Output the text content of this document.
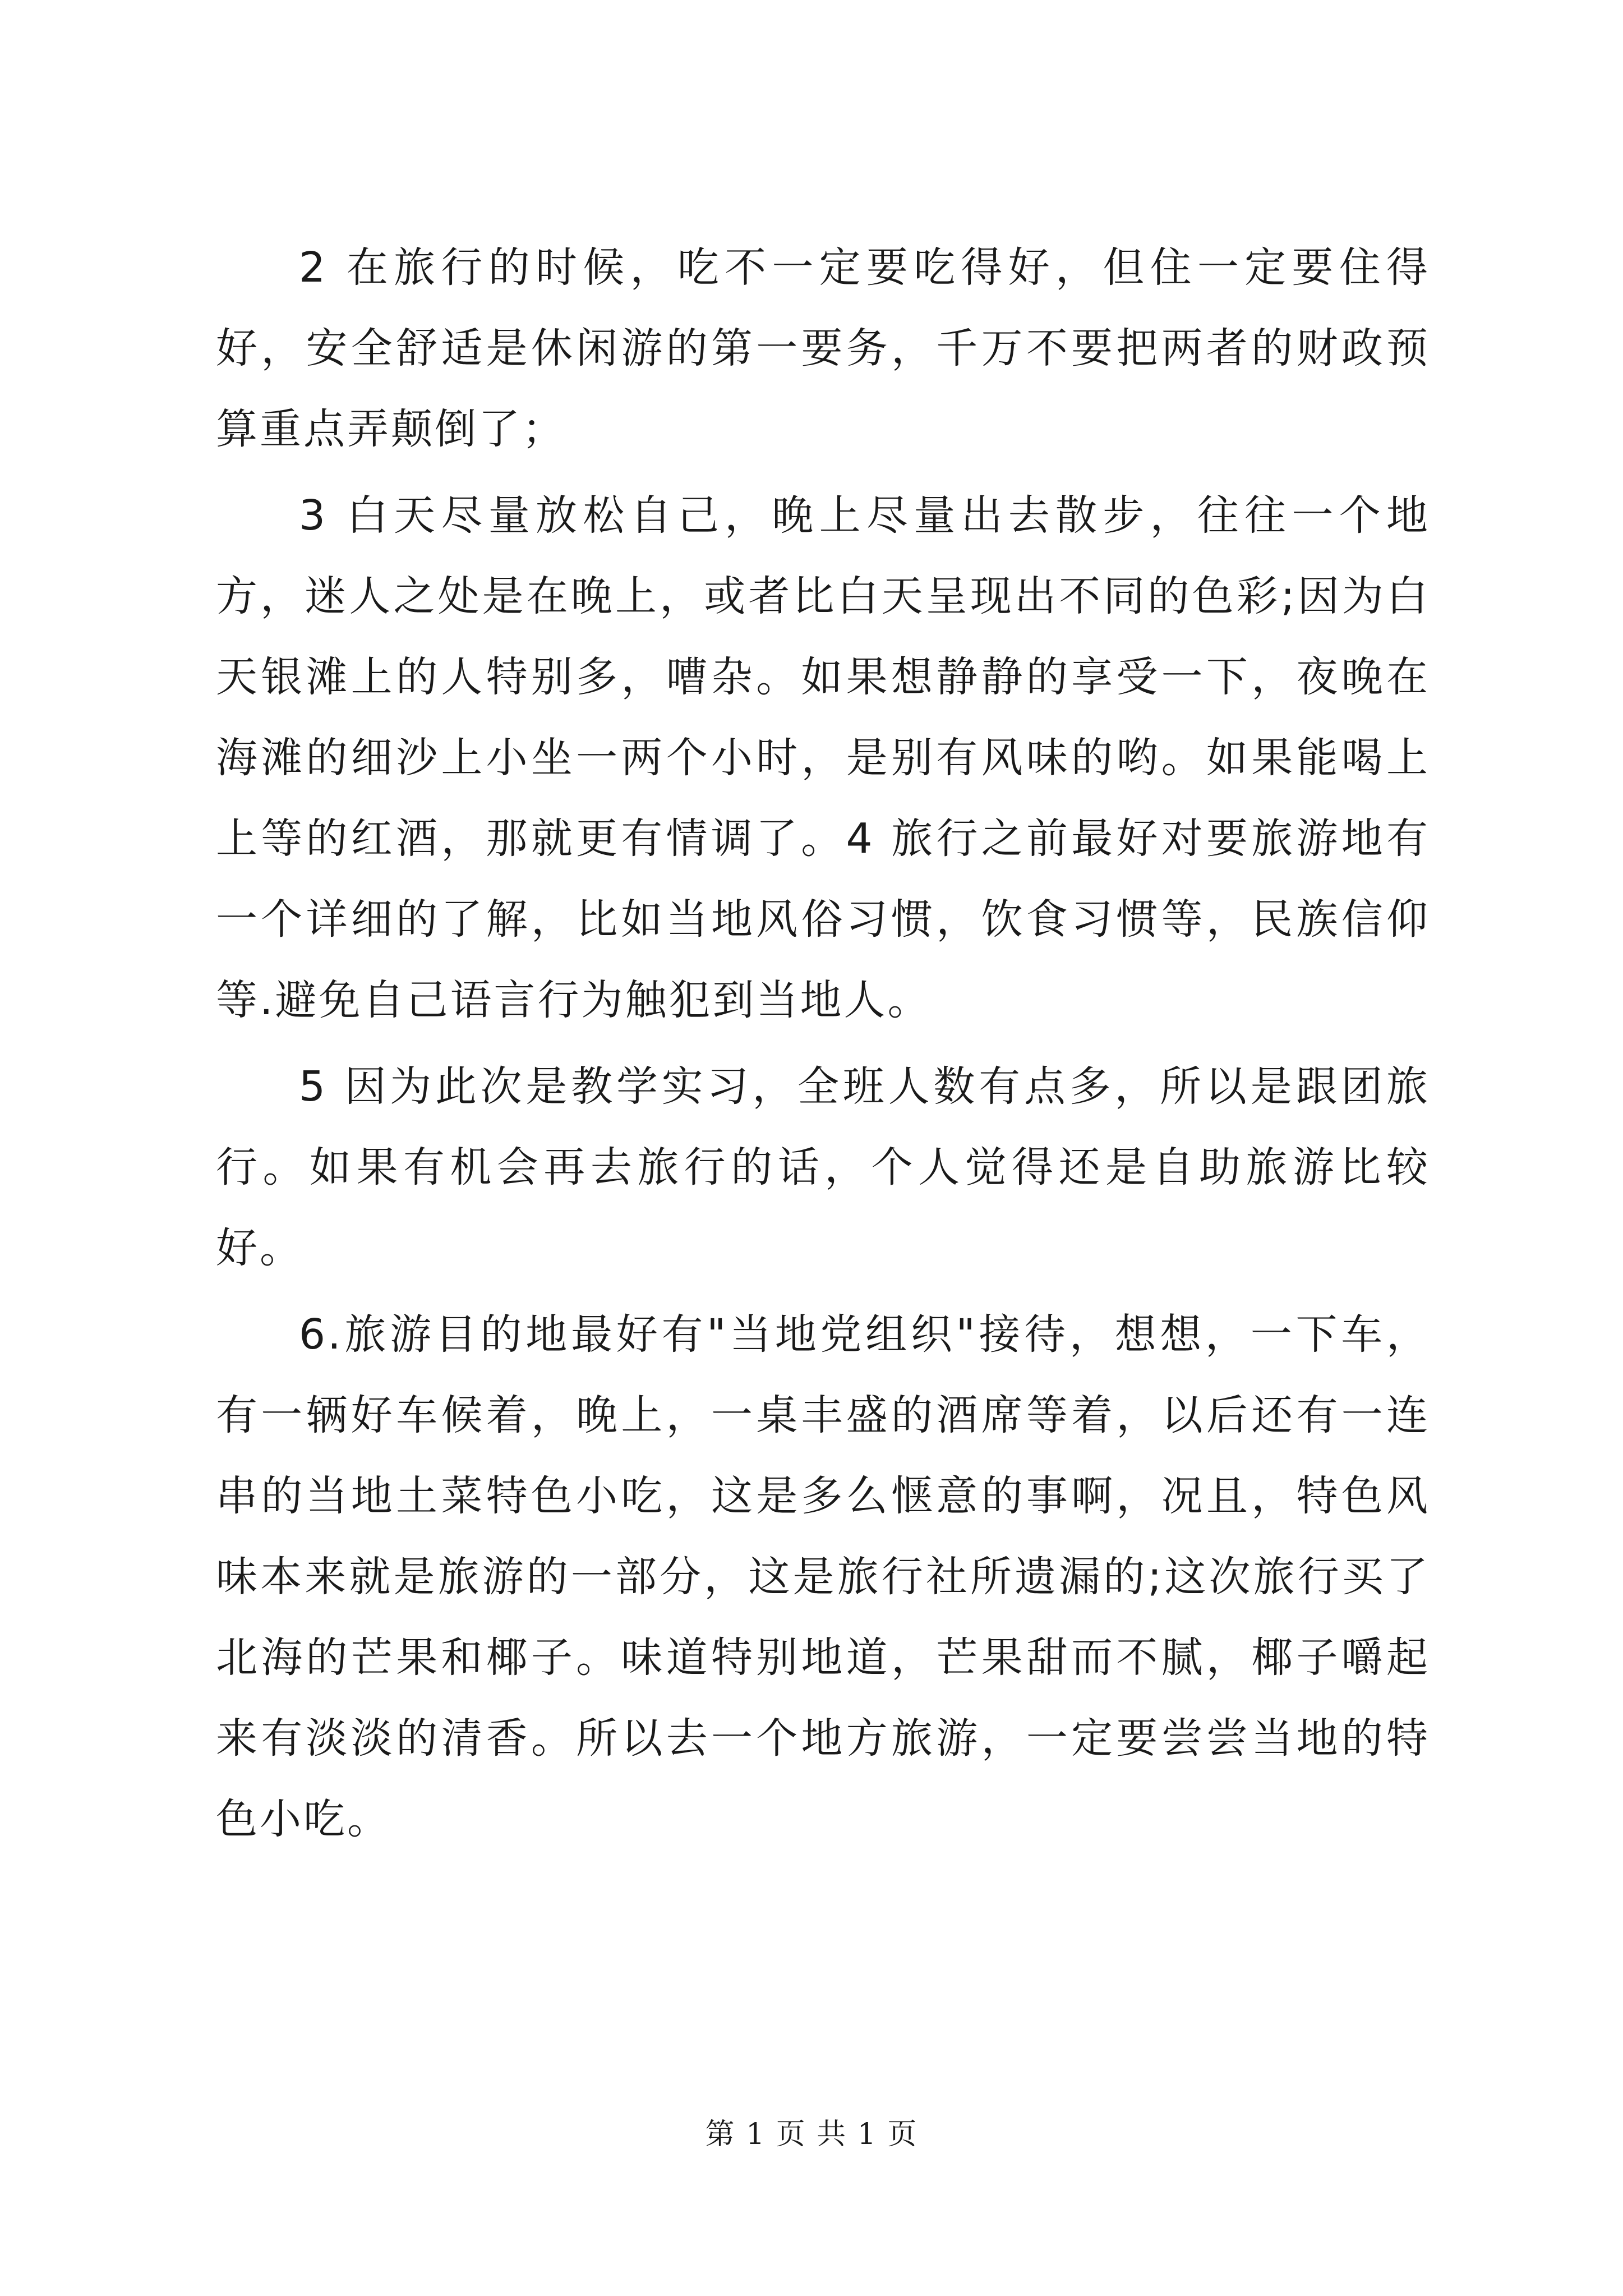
2 在旅行的时候，吃不一定要吃得好，但住一定要住得好，安全舒适是休闲游的第一要务，千万不要把两者的财政预算重点弄颠倒了；

3 白天尽量放松自己，晚上尽量出去散步，往往一个地方，迷人之处是在晚上，或者比白天呈现出不同的色彩;因为白天银滩上的人特别多，嘈杂。如果想静静的享受一下，夜晚在海滩的细沙上小坐一两个小时，是别有风味的哟。如果能喝上上等的红酒，那就更有情调了。4 旅行之前最好对要旅游地有一个详细的了解，比如当地风俗习惯，饮食习惯等，民族信仰等.避免自己语言行为触犯到当地人。

5 因为此次是教学实习，全班人数有点多，所以是跟团旅行。如果有机会再去旅行的话，个人觉得还是自助旅游比较好。

6.旅游目的地最好有"当地党组织"接待，想想，一下车，有一辆好车候着，晚上，一桌丰盛的酒席等着，以后还有一连串的当地土菜特色小吃，这是多么惬意的事啊，况且，特色风味本来就是旅游的一部分，这是旅行社所遗漏的;这次旅行买了北海的芒果和椰子。味道特别地道，芒果甜而不腻，椰子嚼起来有淡淡的清香。所以去一个地方旅游，一定要尝尝当地的特色小吃。

第 1 页 共 1 页
